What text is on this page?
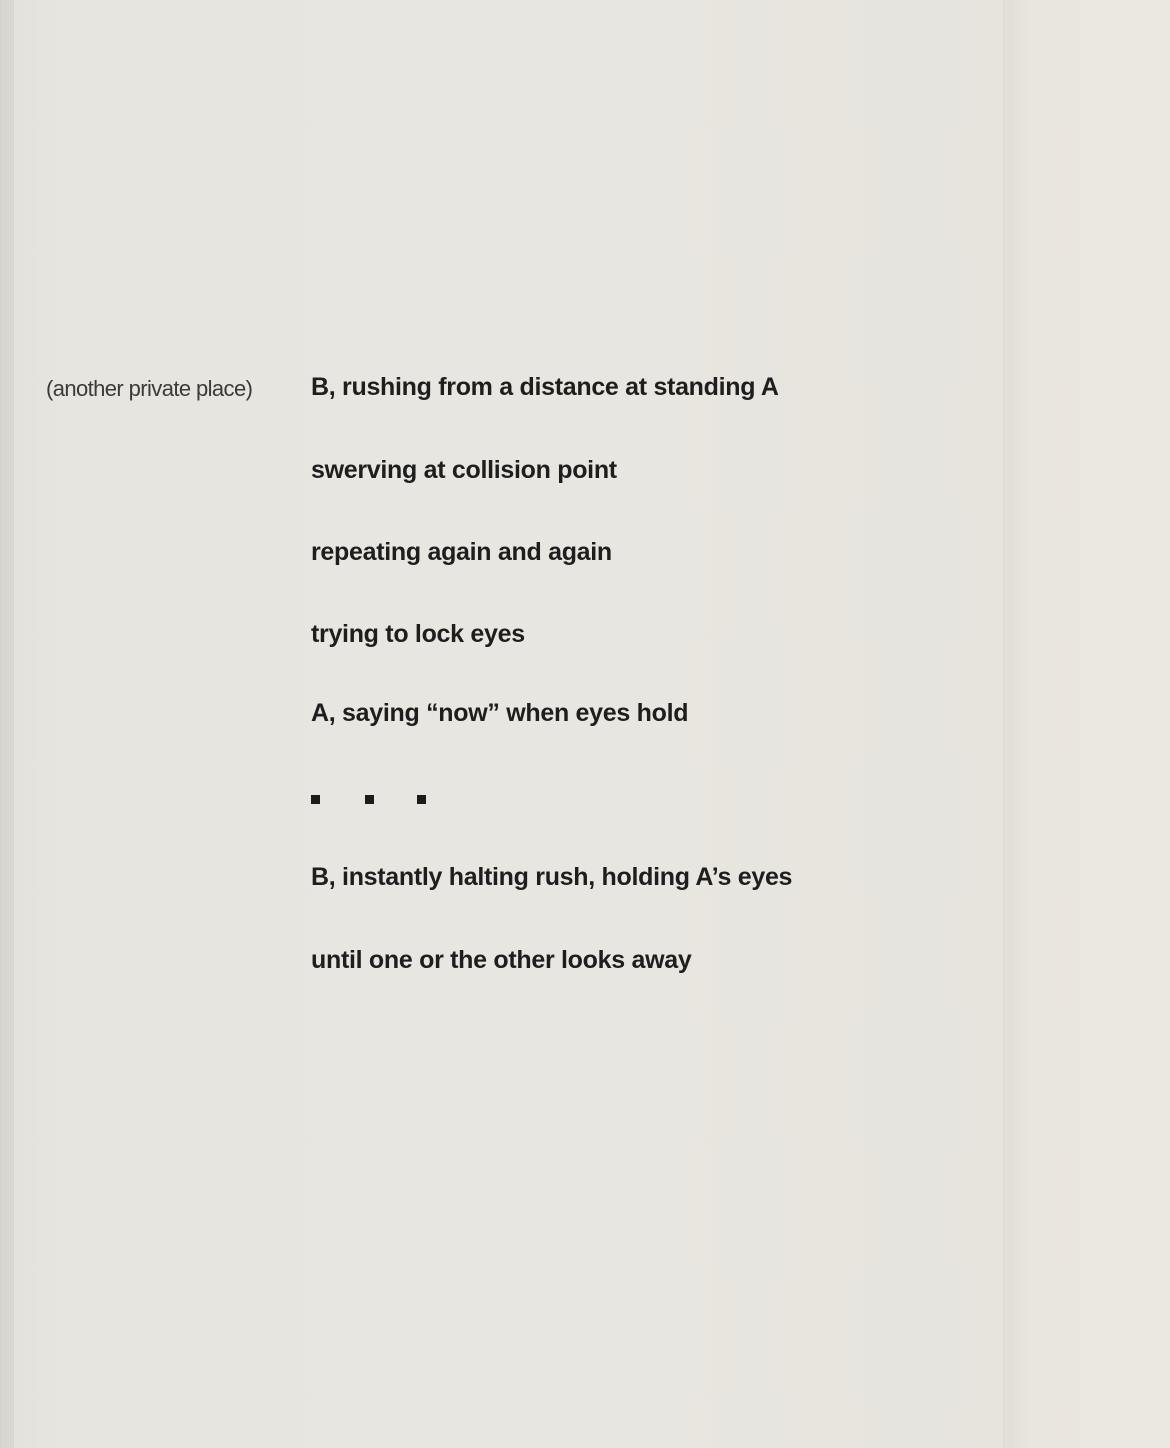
(another private place) B, rushing from a distance at standing A
swerving at collision point
repeating again and again
trying to lock eyes
A, saying “now” when eyes hold
B, instantly halting rush, holding A’s eyes
until one or the other looks away
